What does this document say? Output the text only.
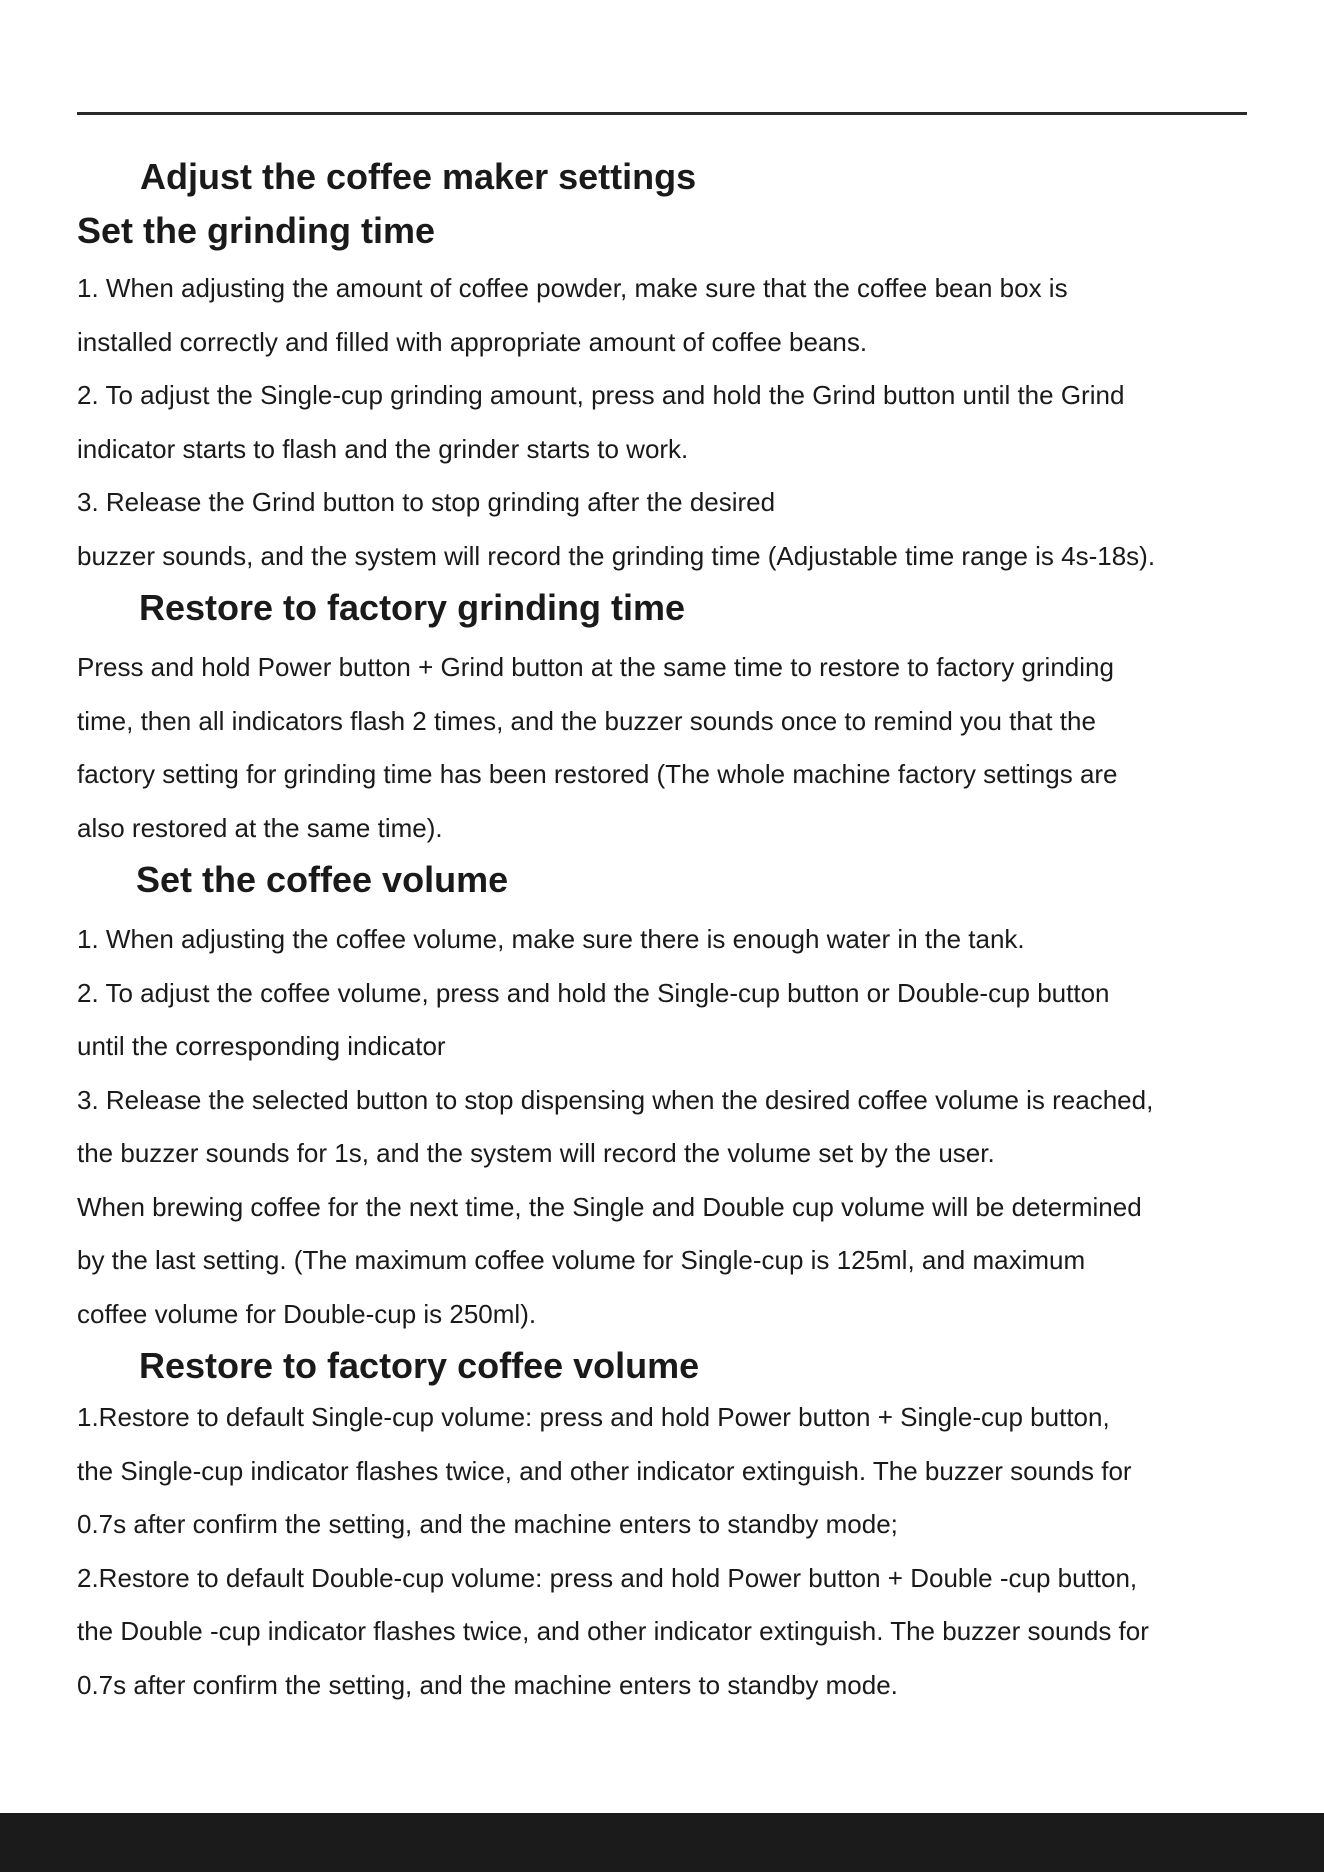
Adjust the coffee maker settings
Set the grinding time

1. When adjusting the amount of coffee powder, make sure that the coffee bean box is

installed correctly and filled with appropriate amount of coffee beans.

2. To adjust the Single-cup grinding amount, press and hold the Grind button until the Grind

indicator starts to flash and the grinder starts to work.

3. Release the Grind button to stop grinding after the desired

buzzer sounds, and the system will record the grinding time (Adjustable time range is 4s-18s).

Restore to factory grinding time

Press and hold Power button + Grind button at the same time to restore to factory grinding

time, then all indicators flash 2 times, and the buzzer sounds once to remind you that the

factory setting for grinding time has been restored (The whole machine factory settings are

also restored at the same time).

Set the coffee volume

1. When adjusting the coffee volume, make sure there is enough water in the tank.

2. To adjust the coffee volume, press and hold the Single-cup button or Double-cup button

until the corresponding indicator

3. Release the selected button to stop dispensing when the desired coffee volume is reached,

the buzzer sounds for 1s, and the system will record the volume set by the user.

When brewing coffee for the next time, the Single and Double cup volume will be determined

by the last setting. (The maximum coffee volume for Single-cup is 125ml, and maximum

coffee volume for Double-cup is 250ml).

Restore to factory coffee volume

1.Restore to default Single-cup volume: press and hold Power button + Single-cup button,

the Single-cup indicator flashes twice, and other indicator extinguish. The buzzer sounds for

0.7s after confirm the setting, and the machine enters to standby mode;

2.Restore to default Double-cup volume: press and hold Power button + Double -cup button,

the Double -cup indicator flashes twice, and other indicator extinguish. The buzzer sounds for

0.7s after confirm the setting, and the machine enters to standby mode.
